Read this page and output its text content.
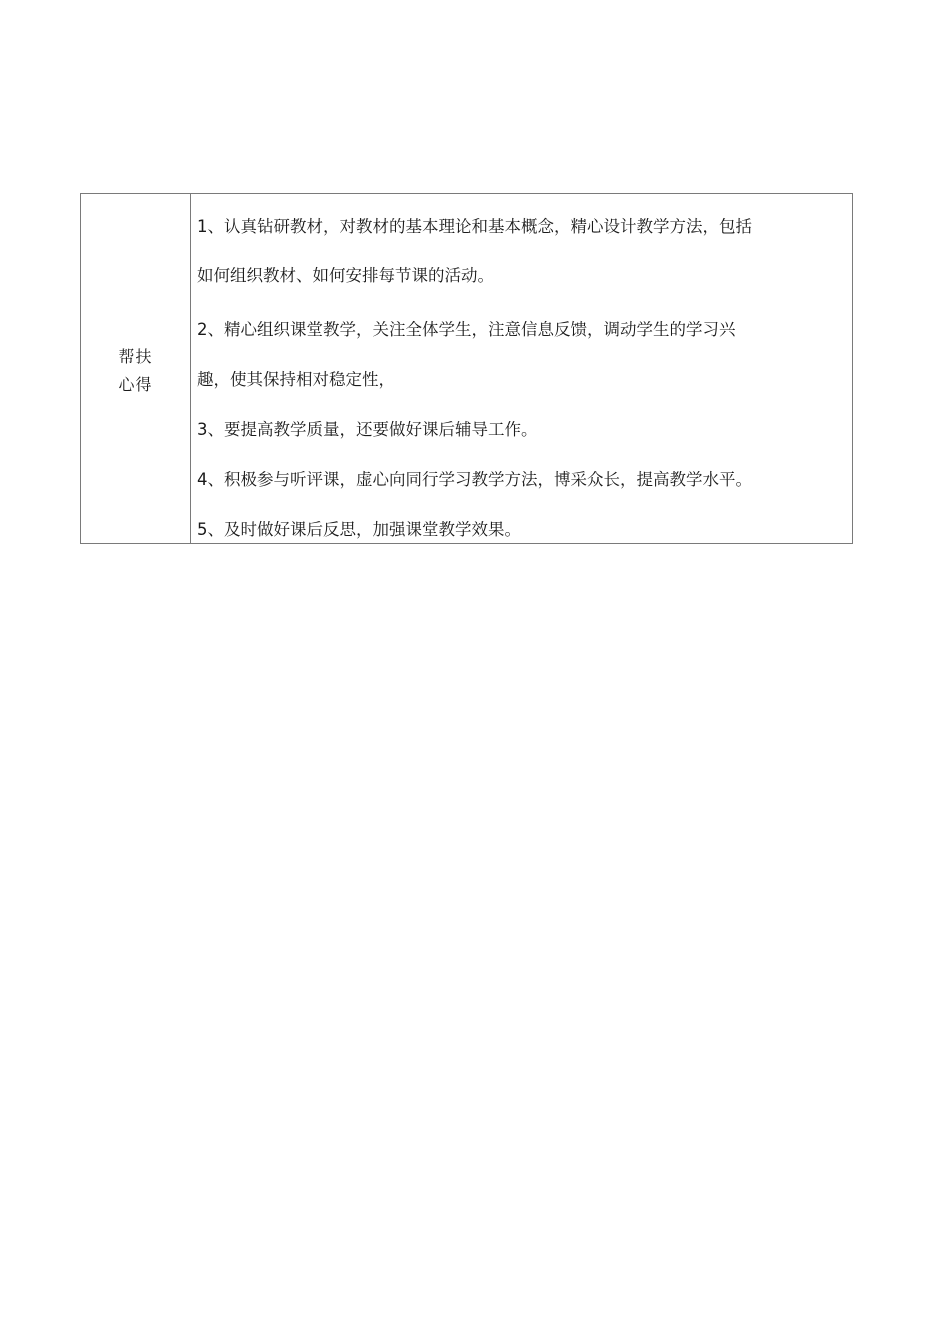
帮扶
心得
1、认真钻研教材，对教材的基本理论和基本概念，精心设计教学方法，包括
如何组织教材、如何安排每节课的活动。
2、精心组织课堂教学，关注全体学生，注意信息反馈，调动学生的学习兴
趣，使其保持相对稳定性，
3、要提高教学质量，还要做好课后辅导工作。
4、积极参与听评课，虚心向同行学习教学方法，博采众长，提高教学水平。
5、及时做好课后反思，加强课堂教学效果。
